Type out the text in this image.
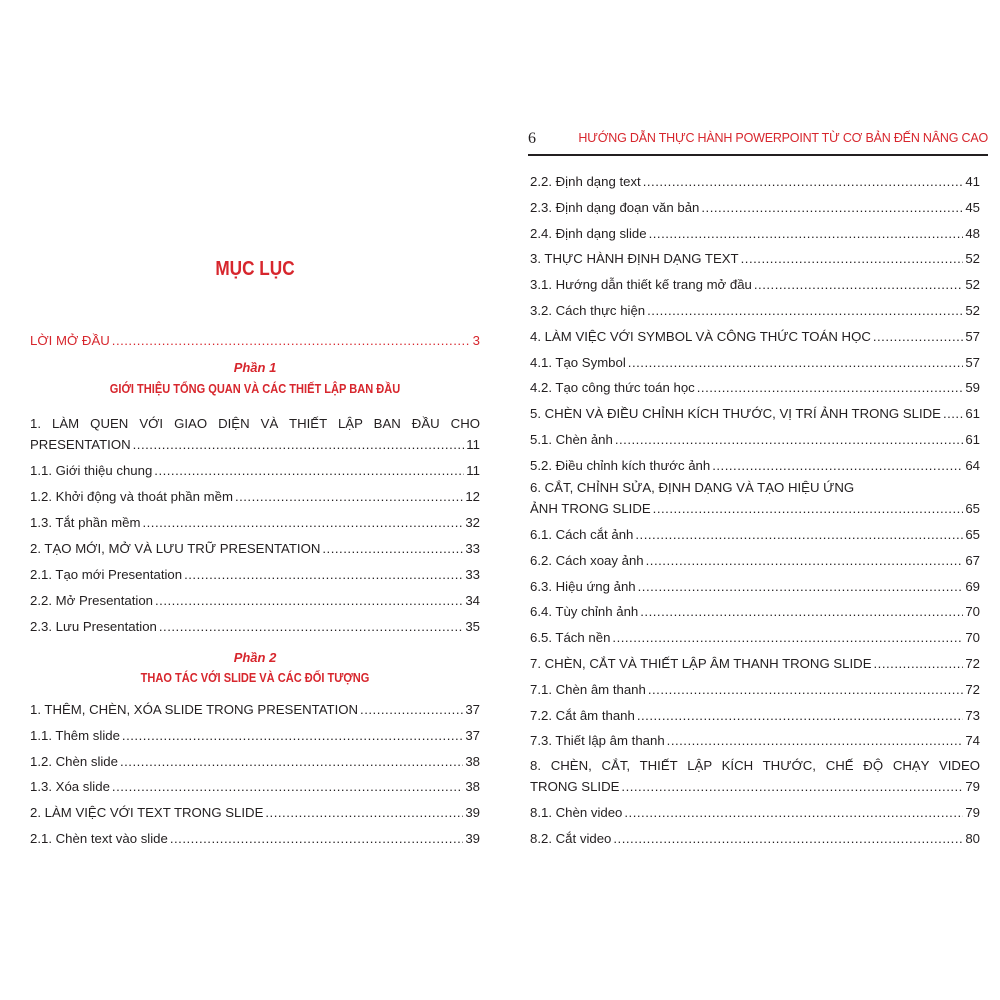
MỤC LỤC
LỜI MỞ ĐẦU .....	3
Phần 1
GIỚI THIỆU TỔNG QUAN VÀ CÁC THIẾT LẬP BAN ĐẦU
1. LÀM QUEN VỚI GIAO DIỆN VÀ THIẾT LẬP BAN ĐẦU CHO
PRESENTATION .....	11
1.1. Giới thiệu chung .....	11
1.2. Khởi động và thoát phần mềm .....	12
1.3. Tắt phần mềm .....	32
2. TẠO MỚI, MỞ VÀ LƯU TRỮ PRESENTATION .....	33
2.1. Tạo mới Presentation .....	33
2.2. Mở Presentation .....	34
2.3. Lưu Presentation .....	35
Phần 2
THAO TÁC VỚI SLIDE VÀ CÁC ĐỐI TƯỢNG
1. THÊM, CHÈN, XÓA SLIDE TRONG PRESENTATION .....	37
1.1. Thêm slide .....	37
1.2. Chèn slide .....	38
1.3. Xóa slide .....	38
2. LÀM VIỆC VỚI TEXT TRONG SLIDE .....	39
2.1. Chèn text vào slide .....	39
6	HƯỚNG DẪN THỰC HÀNH POWERPOINT TỪ CƠ BẢN ĐẾN NÂNG CAO
2.2. Định dạng text .....	41
2.3. Định dạng đoạn văn bản .....	45
2.4. Định dạng slide .....	48
3. THỰC HÀNH ĐỊNH DẠNG TEXT .....	52
3.1. Hướng dẫn thiết kế trang mở đầu .....	52
3.2. Cách thực hiện .....	52
4. LÀM VIỆC VỚI SYMBOL VÀ CÔNG THỨC TOÁN HỌC .....	57
4.1. Tạo Symbol .....	57
4.2. Tạo công thức toán học .....	59
5. CHÈN VÀ ĐIỀU CHỈNH KÍCH THƯỚC, VỊ TRÍ ẢNH TRONG SLIDE ..... 61
5.1. Chèn ảnh .....	61
5.2. Điều chỉnh kích thước ảnh .....	64
6. CẮT, CHỈNH SỬA, ĐỊNH DẠNG VÀ TẠO HIỆU ỨNG
ẢNH TRONG SLIDE .....	65
6.1. Cách cắt ảnh .....	65
6.2. Cách xoay ảnh .....	67
6.3. Hiệu ứng ảnh .....	69
6.4. Tùy chỉnh ảnh .....	70
6.5. Tách nền .....	70
7. CHÈN, CẮT VÀ THIẾT LẬP ÂM THANH TRONG SLIDE .....	72
7.1. Chèn âm thanh .....	72
7.2. Cắt âm thanh .....	73
7.3. Thiết lập âm thanh .....	74
8. CHÈN, CẮT, THIẾT LẬP KÍCH THƯỚC, CHẾ ĐỘ CHẠY VIDEO
TRONG SLIDE .....	79
8.1. Chèn video .....	79
8.2. Cắt video .....	80
